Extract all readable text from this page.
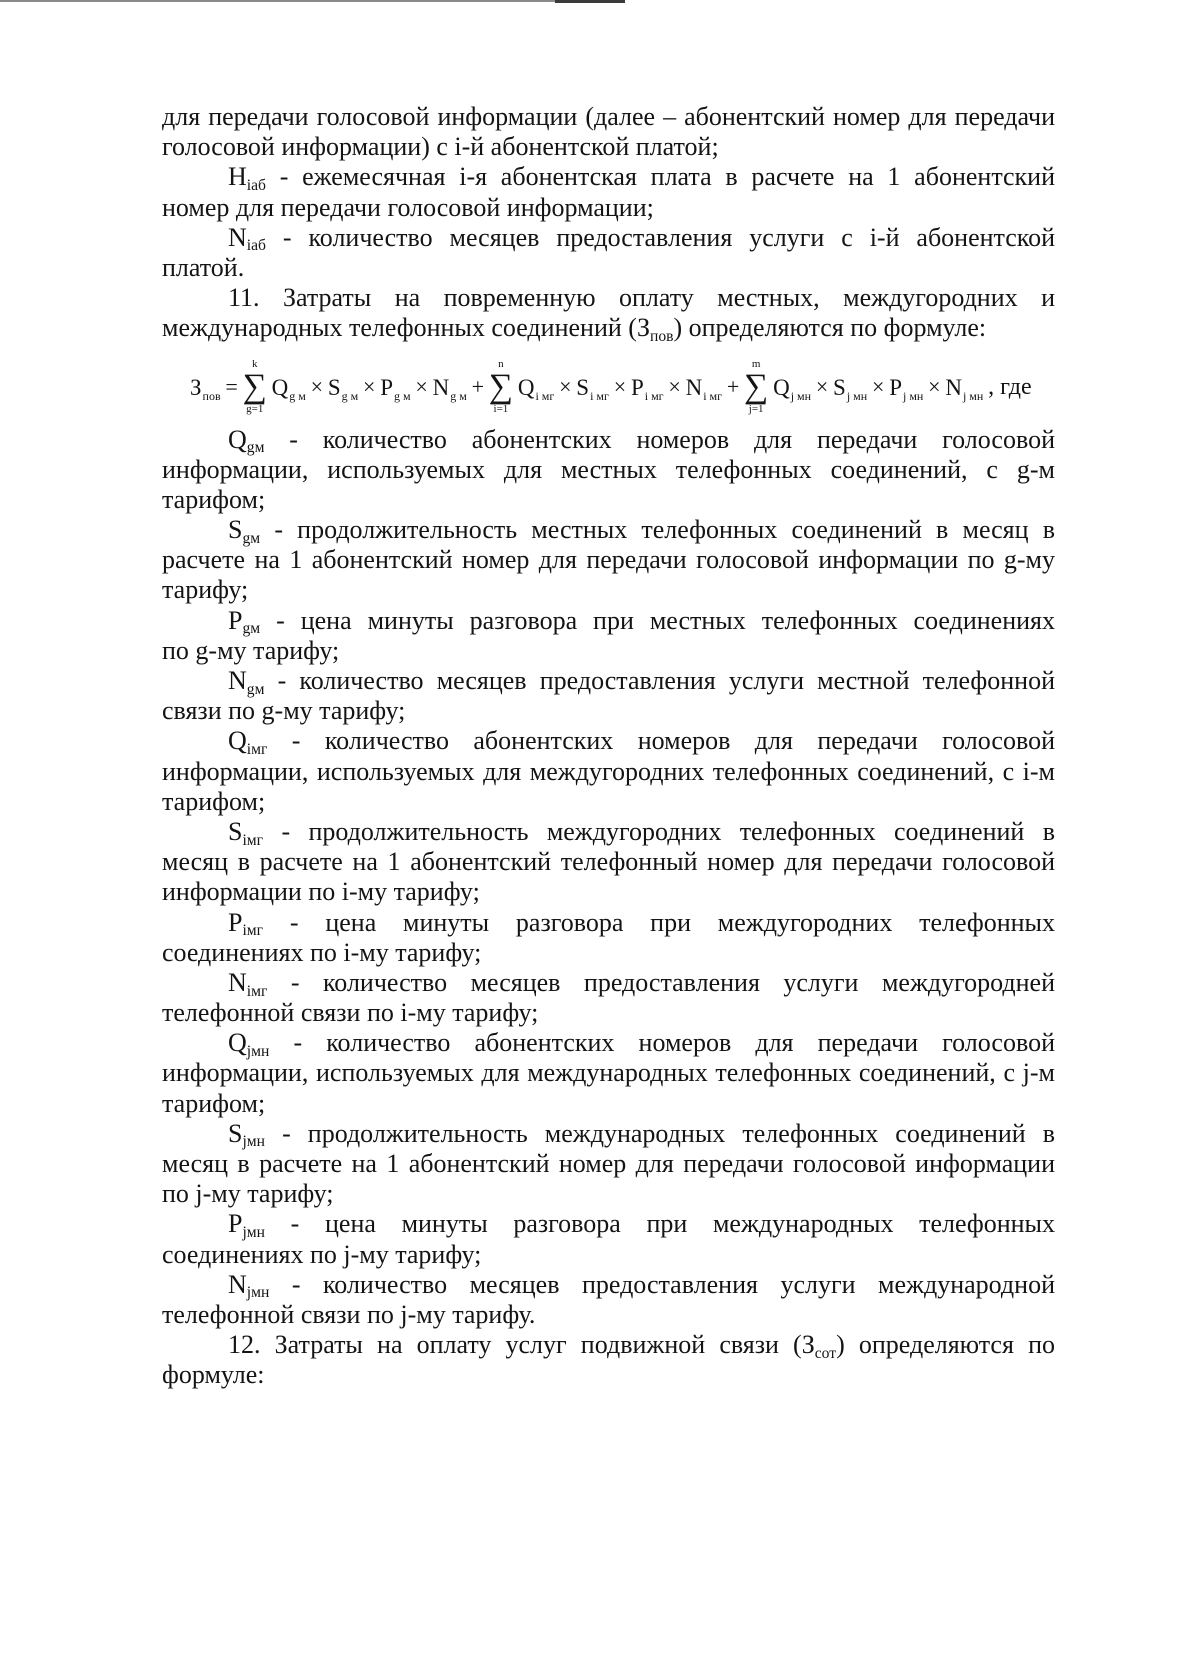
для передачи голосовой информации (далее – абонентский номер для передачи
голосовой информации) с i-й абонентской платой;
Нiаб - ежемесячная i-я абонентская плата в расчете на 1 абонентский
номер для передачи голосовой информации;
Niаб - количество месяцев предоставления услуги с i-й абонентской
платой.
11. Затраты на повременную оплату местных, междугородних и
международных телефонных соединений (Зпов) определяются по формуле:
$З_{пов}$ =
k
∑
g=1
$Q_{g м} \times S_{g м} \times P_{g м} \times N_{g м}$ +
n
∑
i=1
$Q_{i мг} \times S_{i мг} \times P_{i мг} \times N_{i мг}$ +
m
∑
j=1
$Q_{j мн} \times S_{j мн} \times P_{j мн} \times N_{j мн}$ , где
Qgм - количество абонентских номеров для передачи голосовой
информации, используемых для местных телефонных соединений, с g-м
тарифом;
Sgм - продолжительность местных телефонных соединений в месяц в
расчете на 1 абонентский номер для передачи голосовой информации по g-му
тарифу;
Pgм - цена минуты разговора при местных телефонных соединениях
по g-му тарифу;
Ngм - количество месяцев предоставления услуги местной телефонной
связи по g-му тарифу;
Qiмг - количество абонентских номеров для передачи голосовой
информации, используемых для междугородних телефонных соединений, с i-м
тарифом;
Siмг - продолжительность междугородних телефонных соединений в
месяц в расчете на 1 абонентский телефонный номер для передачи голосовой
информации по i-му тарифу;
Piмг - цена минуты разговора при междугородних телефонных
соединениях по i-му тарифу;
Niмг - количество месяцев предоставления услуги междугородней
телефонной связи по i-му тарифу;
Qjмн - количество абонентских номеров для передачи голосовой
информации, используемых для международных телефонных соединений, с j-м
тарифом;
Sjмн - продолжительность международных телефонных соединений в
месяц в расчете на 1 абонентский номер для передачи голосовой информации
по j-му тарифу;
Pjмн - цена минуты разговора при международных телефонных
соединениях по j-му тарифу;
Njмн - количество месяцев предоставления услуги международной
телефонной связи по j-му тарифу.
12. Затраты на оплату услуг подвижной связи (Зсот) определяются по
формуле:
